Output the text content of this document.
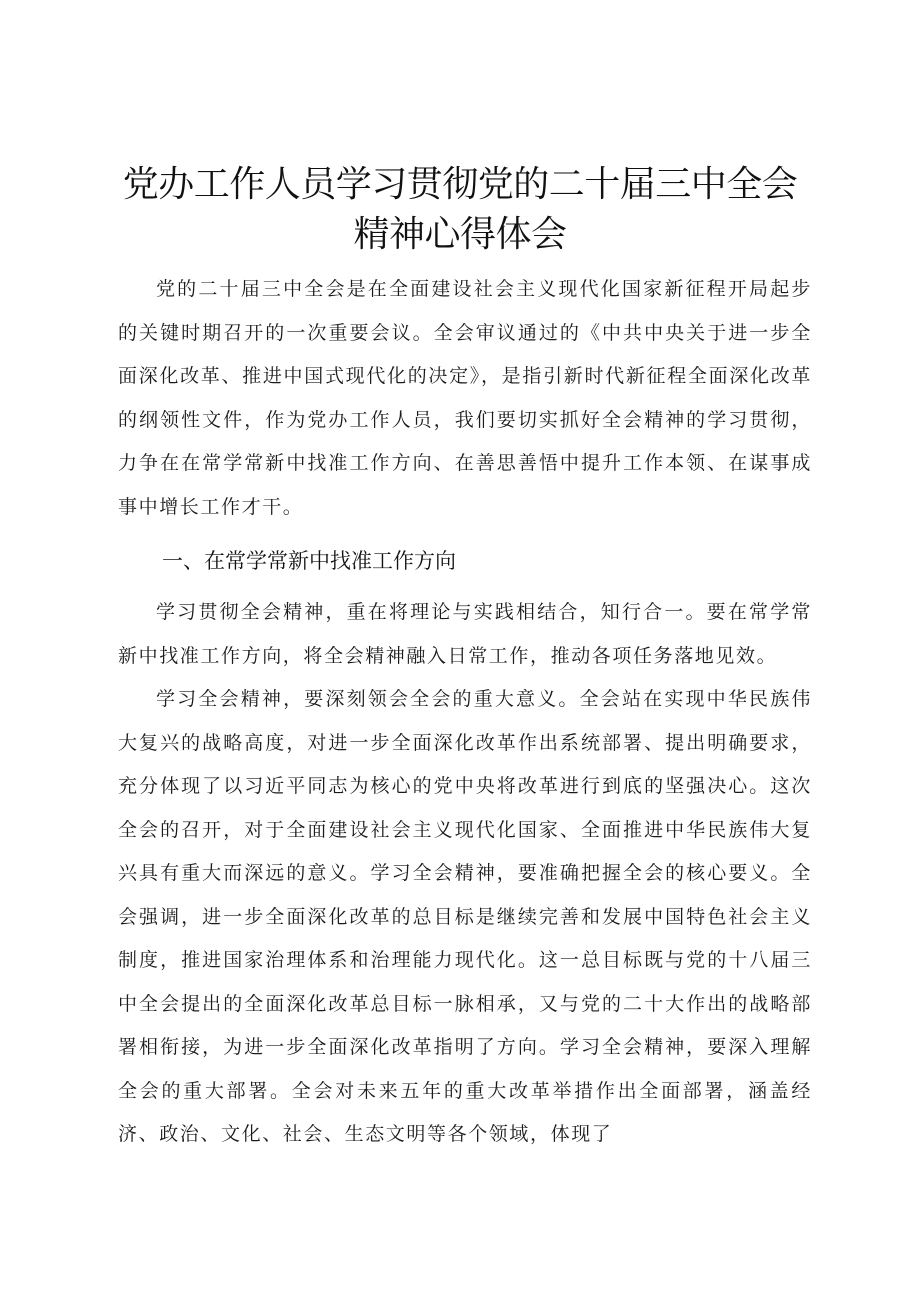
党办工作人员学习贯彻党的二十届三中全会精神心得体会

党的二十届三中全会是在全面建设社会主义现代化国家新征程开局起步的关键时期召开的一次重要会议。全会审议通过的《中共中央关于进一步全面深化改革、推进中国式现代化的决定》，是指引新时代新征程全面深化改革的纲领性文件，作为党办工作人员，我们要切实抓好全会精神的学习贯彻，力争在在常学常新中找准工作方向、在善思善悟中提升工作本领、在谋事成事中增长工作才干。

一、在常学常新中找准工作方向

学习贯彻全会精神，重在将理论与实践相结合，知行合一。要在常学常新中找准工作方向，将全会精神融入日常工作，推动各项任务落地见效。

学习全会精神，要深刻领会全会的重大意义。全会站在实现中华民族伟大复兴的战略高度，对进一步全面深化改革作出系统部署、提出明确要求，充分体现了以习近平同志为核心的党中央将改革进行到底的坚强决心。这次全会的召开，对于全面建设社会主义现代化国家、全面推进中华民族伟大复兴具有重大而深远的意义。学习全会精神，要准确把握全会的核心要义。全会强调，进一步全面深化改革的总目标是继续完善和发展中国特色社会主义制度，推进国家治理体系和治理能力现代化。这一总目标既与党的十八届三中全会提出的全面深化改革总目标一脉相承，又与党的二十大作出的战略部署相衔接，为进一步全面深化改革指明了方向。学习全会精神，要深入理解全会的重大部署。全会对未来五年的重大改革举措作出全面部署，涵盖经济、政治、文化、社会、生态文明等各个领域，体现了
